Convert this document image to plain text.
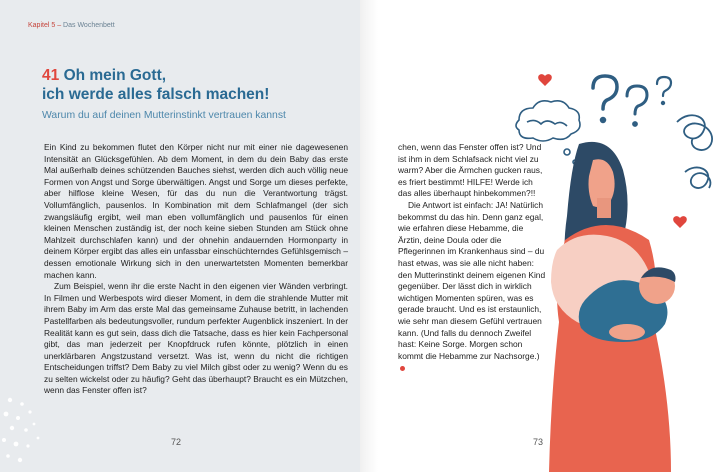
Kapitel 5 – Das Wochenbett
41 Oh mein Gott,
ich werde alles falsch machen!
Warum du auf deinen Mutterinstinkt vertrauen kannst

Ein Kind zu bekommen flutet den Körper nicht nur mit einer nie dagewesenen Intensität an Glücksgefühlen. Ab dem Moment, in dem du dein Baby das erste Mal außerhalb deines schützenden Bauches siehst, werden dich auch völlig neue Formen von Angst und Sorge überwältigen. Angst und Sorge um dieses perfekte, aber hilflose kleine Wesen, für das du nun die Verantwortung trägst. Vollumfänglich, pausenlos. In Kombination mit dem Schlafmangel (der sich zwangsläufig ergibt, weil man eben vollumfänglich und pausenlos für einen kleinen Menschen zuständig ist, der noch keine sieben Stunden am Stück ohne Mahlzeit durchschlafen kann) und der ohnehin andauernden Hormonparty in deinem Körper ergibt das alles ein unfassbar einschüchterndes Gefühlsgemisch – dessen emotionale Wirkung sich in den unerwartetsten Momenten bemerkbar machen kann.

Zum Beispiel, wenn ihr die erste Nacht in den eigenen vier Wänden verbringt. In Filmen und Werbespots wird dieser Moment, in dem die strahlende Mutter mit ihrem Baby im Arm das erste Mal das gemeinsame Zuhause betritt, in lachenden Pastellfarben als bedeutungsvoller, rundum perfekter Augenblick inszeniert. In der Realität kann es gut sein, dass dich die Tatsache, dass es hier kein Fachpersonal gibt, das man jederzeit per Knopfdruck rufen könnte, plötzlich in einen unerklärbaren Angstzustand versetzt. Was ist, wenn du nicht die richtigen Entscheidungen triffst? Dem Baby zu viel Milch gibst oder zu wenig? Wenn du es zu selten wickelst oder zu häufig? Geht das überhaupt? Braucht es ein Mützchen, wenn das Fenster offen ist?

72

chen, wenn das Fenster offen ist? Und ist ihm in dem Schlafsack nicht viel zu warm? Aber die Ärmchen gucken raus, es friert bestimmt! HILFE! Werde ich das alles überhaupt hinbekommen?!!

Die Antwort ist einfach: JA! Natürlich bekommst du das hin. Denn ganz egal, wie erfahren diese Hebamme, die Ärztin, deine Doula oder die Pflegerinnen im Krankenhaus sind – du hast etwas, was sie alle nicht haben: den Mutterinstinkt deinem eigenen Kind gegenüber. Der lässt dich in wirklich wichtigen Momenten spüren, was es gerade braucht. Und es ist erstaunlich, wie sehr man diesem Gefühl vertrauen kann. (Und falls du dennoch Zweifel hast: Keine Sorge. Morgen schon kommt die Hebamme zur Nachsorge.)

73
